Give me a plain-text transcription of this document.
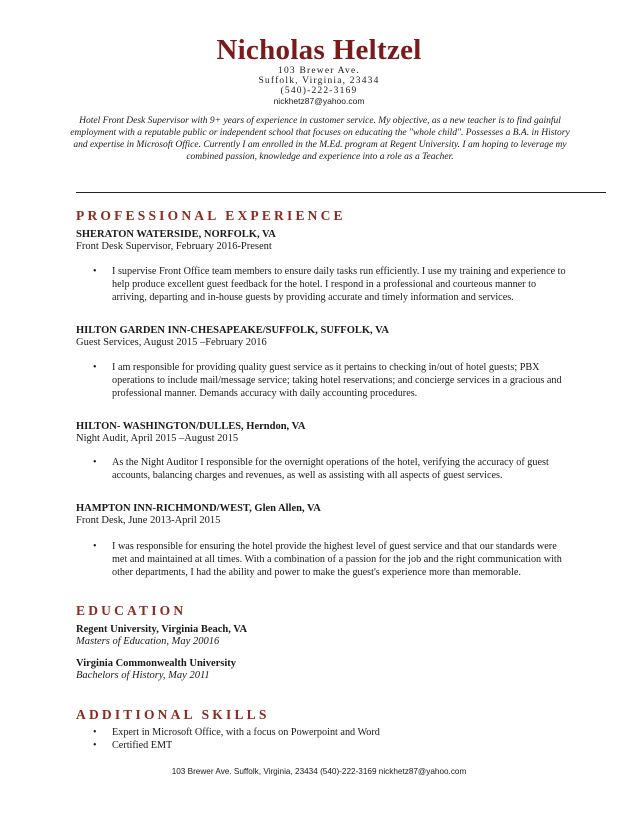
Nicholas Heltzel
103 Brewer Ave.
Suffolk, Virginia, 23434
(540)-222-3169
nickhetz87@yahoo.com
Hotel Front Desk Supervisor with 9+ years of experience in customer service. My objective, as a new teacher is to find gainful employment with a reputable public or independent school that focuses on educating the "whole child". Possesses a B.A. in History and expertise in Microsoft Office. Currently I am enrolled in the M.Ed. program at Regent University. I am hoping to leverage my combined passion, knowledge and experience into a role as a Teacher.
PROFESSIONAL EXPERIENCE
SHERATON WATERSIDE, NORFOLK, VA
Front Desk Supervisor, February 2016-Present
• I supervise Front Office team members to ensure daily tasks run efficiently. I use my training and experience to help produce excellent guest feedback for the hotel. I respond in a professional and courteous manner to arriving, departing and in-house guests by providing accurate and timely information and services.
HILTON GARDEN INN-CHESAPEAKE/SUFFOLK, SUFFOLK, VA
Guest Services, August 2015 –February 2016
• I am responsible for providing quality guest service as it pertains to checking in/out of hotel guests; PBX operations to include mail/message service; taking hotel reservations; and concierge services in a gracious and professional manner. Demands accuracy with daily accounting procedures.
HILTON- WASHINGTON/DULLES, Herndon, VA
Night Audit, April 2015 –August 2015
• As the Night Auditor I responsible for the overnight operations of the hotel, verifying the accuracy of guest accounts, balancing charges and revenues, as well as assisting with all aspects of guest services.
HAMPTON INN-RICHMOND/WEST, Glen Allen, VA
Front Desk, June 2013-April 2015
• I was responsible for ensuring the hotel provide the highest level of guest service and that our standards were met and maintained at all times. With a combination of a passion for the job and the right communication with other departments, I had the ability and power to make the guest's experience more than memorable.
EDUCATION
Regent University, Virginia Beach, VA
Masters of Education, May 20016
Virginia Commonwealth University
Bachelors of History, May 2011
ADDITIONAL SKILLS
• Expert in Microsoft Office, with a focus on Powerpoint and Word
• Certified EMT
103 Brewer Ave. Suffolk, Virginia, 23434 (540)-222-3169 nickhetz87@yahoo.com
